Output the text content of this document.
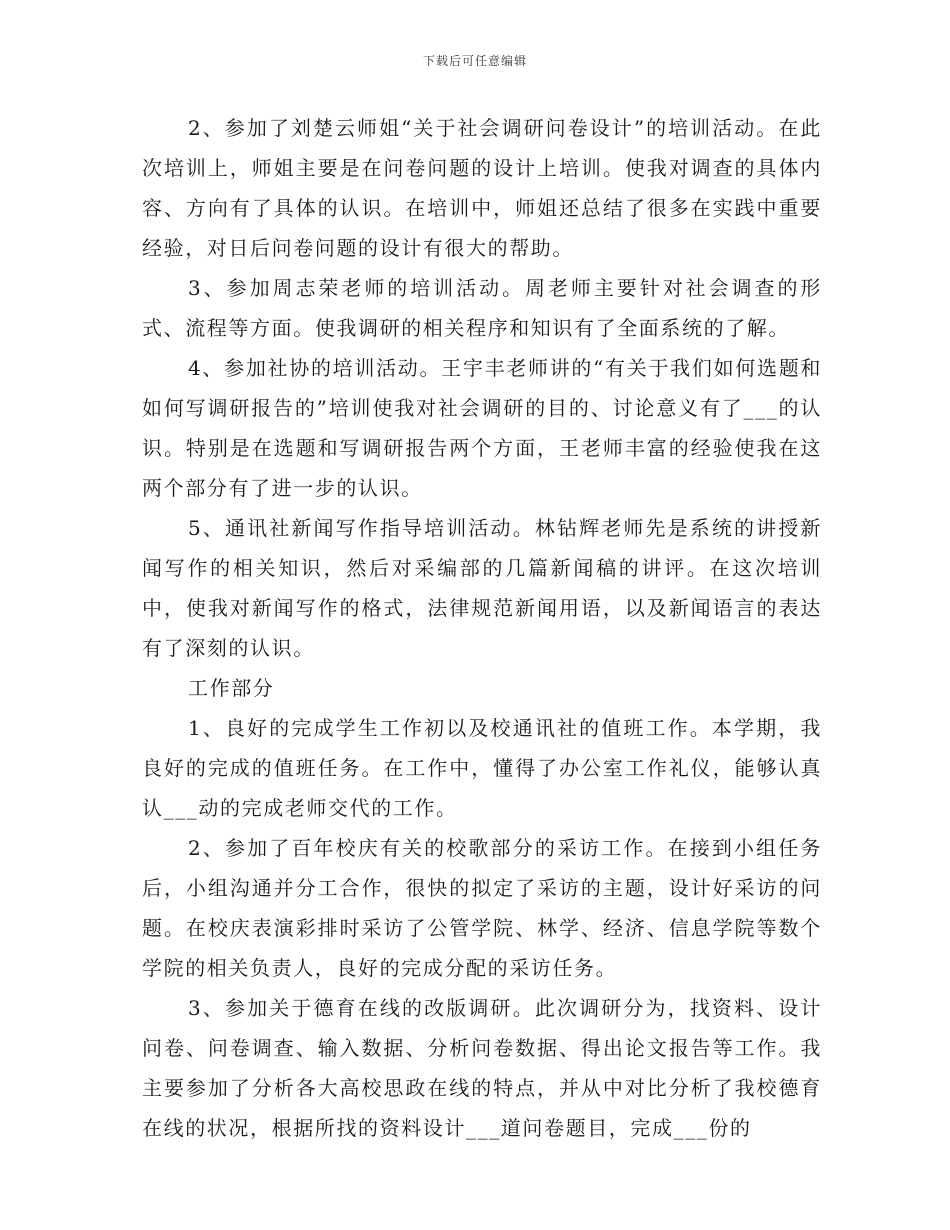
下载后可任意编辑

2、参加了刘楚云师姐“关于社会调研问卷设计”的培训活动。在此次培训上，师姐主要是在问卷问题的设计上培训。使我对调查的具体内容、方向有了具体的认识。在培训中，师姐还总结了很多在实践中重要经验，对日后问卷问题的设计有很大的帮助。

3、参加周志荣老师的培训活动。周老师主要针对社会调查的形式、流程等方面。使我调研的相关程序和知识有了全面系统的了解。

4、参加社协的培训活动。王宇丰老师讲的“有关于我们如何选题和如何写调研报告的”培训使我对社会调研的目的、讨论意义有了___的认识。特别是在选题和写调研报告两个方面，王老师丰富的经验使我在这两个部分有了进一步的认识。

5、通讯社新闻写作指导培训活动。林钻辉老师先是系统的讲授新闻写作的相关知识，然后对采编部的几篇新闻稿的讲评。在这次培训中，使我对新闻写作的格式，法律规范新闻用语，以及新闻语言的表达有了深刻的认识。

工作部分

1、良好的完成学生工作初以及校通讯社的值班工作。本学期，我良好的完成的值班任务。在工作中，懂得了办公室工作礼仪，能够认真认___动的完成老师交代的工作。

2、参加了百年校庆有关的校歌部分的采访工作。在接到小组任务后，小组沟通并分工合作，很快的拟定了采访的主题，设计好采访的问题。在校庆表演彩排时采访了公管学院、林学、经济、信息学院等数个学院的相关负责人，良好的完成分配的采访任务。

3、参加关于德育在线的改版调研。此次调研分为，找资料、设计问卷、问卷调查、输入数据、分析问卷数据、得出论文报告等工作。我主要参加了分析各大高校思政在线的特点，并从中对比分析了我校德育在线的状况，根据所找的资料设计___道问卷题目，完成___份的
